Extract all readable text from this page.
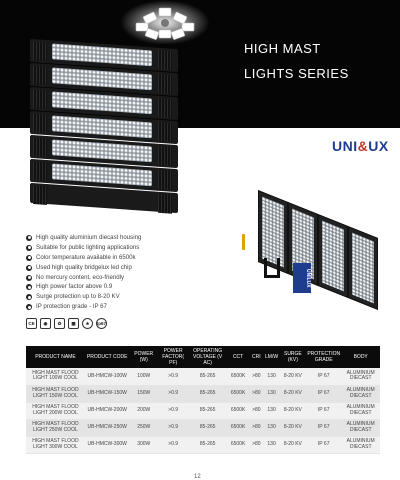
HIGH MAST
LIGHTS SERIES
UNI&UX
UNILUX
High quality aluminium diecast housing
Suitable for public lighting applications
Color temperature available in 6500k
Used high quality bridgelux led chip
No mercury content, eco-friendly
High power factor above 0.9
Surge protection up to 8-20 KV
IP protection grade - IP 67
CE	◉	♻	▦	★	Ip67
PRODUCT NAME	PRODUCT CODE	POWER (W)	POWER FACTOR( PF)	OPERATING VOLTAGE (V AC)	CCT	CRI	LM/W	SURGE (KV)	PROTECTION GRADE	BODY
HIGH MAST FLOOD LIGHT 100W COOL	UB-HMCW-100W	100W	>0.9	85-265	6500K	>80	130	8-20 KV	IP 67	ALUMINIUM DIECAST
HIGH MAST FLOOD LIGHT 150W COOL	UB-HMCW-150W	150W	>0.9	85-265	6500K	>80	130	8-20 KV	IP 67	ALUMINIUM DIECAST
HIGH MAST FLOOD LIGHT 200W COOL	UB-HMCW-200W	200W	>0.9	85-265	6500K	>80	130	8-20 KV	IP 67	ALUMINIUM DIECAST
HIGH MAST FLOOD LIGHT 250W COOL	UB-HMCW-250W	250W	>0.9	85-265	6500K	>80	130	8-20 KV	IP 67	ALUMINIUM DIECAST
HIGH MAST FLOOD LIGHT 300W COOL	UB-HMCW-300W	300W	>0.9	85-265	6500K	>80	130	8-20 KV	IP 67	ALUMINIUM DIECAST
12
